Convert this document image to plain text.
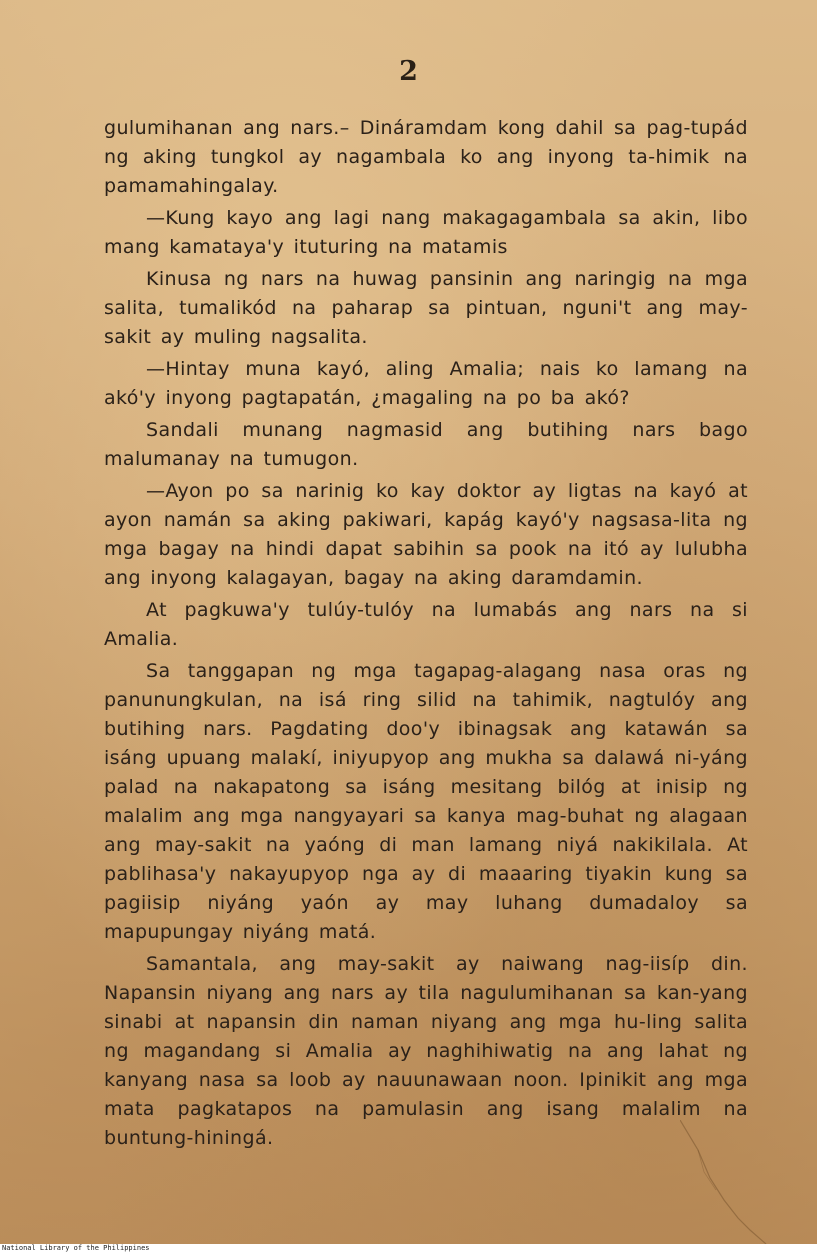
2

gulumihanan ang nars.– Dináramdam kong dahil sa pag-tupád ng aking tungkol ay nagambala ko ang inyong ta-himik na pamamahingalay.

—Kung kayo ang lagi nang makagagambala sa akin, libo mang kamataya'y ituturing na matamis

Kinusa ng nars na huwag pansinin ang naringig na mga salita, tumalikód na paharap sa pintuan, nguni't ang may-sakit ay muling nagsalita.

—Hintay muna kayó, aling Amalia; nais ko lamang na akó'y inyong pagtapatán, ¿magaling na po ba akó?

Sandali munang nagmasid ang butihing nars bago malumanay na tumugon.

—Ayon po sa narinig ko kay doktor ay ligtas na kayó at ayon namán sa aking pakiwari, kapág kayó'y nagsasa-lita ng mga bagay na hindi dapat sabihin sa pook na itó ay lulubha ang inyong kalagayan, bagay na aking daramdamin.

At pagkuwa'y tulúy-tulóy na lumabás ang nars na si Amalia.

Sa tanggapan ng mga tagapag-alagang nasa oras ng panunungkulan, na isá ring silid na tahimik, nagtulóy ang butihing nars. Pagdating doo'y ibinagsak ang katawán sa isáng upuang malakí, iniyupyop ang mukha sa dalawá ni-yáng palad na nakapatong sa isáng mesitang bilóg at inisip ng malalim ang mga nangyayari sa kanya mag-buhat ng alagaan ang may-sakit na yaóng di man lamang niyá nakikilala. At pablihasa'y nakayupyop nga ay di maaaring tiyakin kung sa pagiisip niyáng yaón ay may luhang dumadaloy sa mapupungay niyáng matá.

Samantala, ang may-sakit ay naiwang nag-iisíp din. Napansin niyang ang nars ay tila nagulumihanan sa kan-yang sinabi at napansin din naman niyang ang mga hu-ling salita ng magandang si Amalia ay naghihiwatig na ang lahat ng kanyang nasa sa loob ay nauunawaan noon. Ipinikit ang mga mata pagkatapos na pamulasin ang isang malalim na buntung-hiningá.

National Library of the Philippines
